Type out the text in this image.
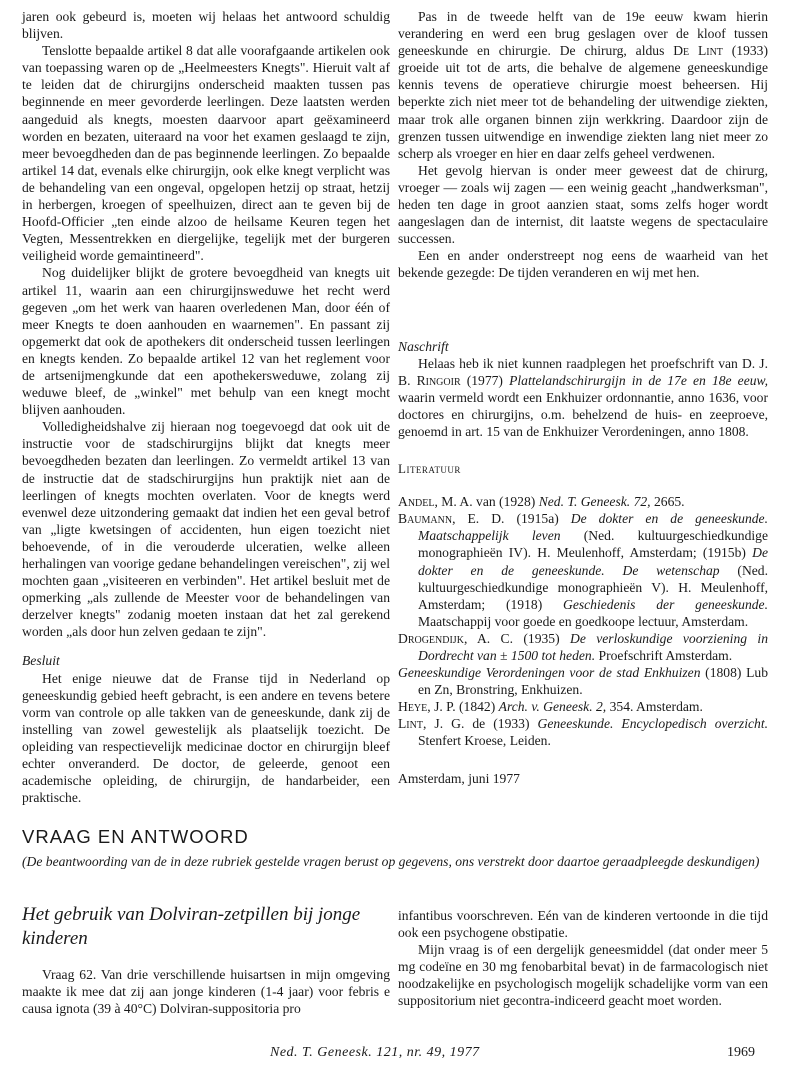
jaren ook gebeurd is, moeten wij helaas het antwoord schuldig blijven.

Tenslotte bepaalde artikel 8 dat alle voorafgaande artikelen ook van toepassing waren op de „Heelmeesters Knegts". Hieruit valt af te leiden dat de chirurgijns onderscheid maakten tussen pas beginnende en meer gevorderde leerlingen. Deze laatsten werden aangeduid als knegts, moesten daarvoor apart geëxamineerd worden en bezaten, uiteraard na voor het examen geslaagd te zijn, meer bevoegdheden dan de pas beginnende leerlingen. Zo bepaalde artikel 14 dat, evenals elke chirurgijn, ook elke knegt verplicht was de behandeling van een ongeval, opgelopen hetzij op straat, hetzij in herbergen, kroegen of speelhuizen, direct aan te geven bij de Hoofd-Officier „ten einde alzoo de heilsame Keuren tegen het Vegten, Messentrekken en diergelijke, tegelijk met der burgeren veiligheid worde gemaintineerd".

Nog duidelijker blijkt de grotere bevoegdheid van knegts uit artikel 11, waarin aan een chirurgijnsweduwe het recht werd gegeven „om het werk van haaren overledenen Man, door één of meer Knegts te doen aanhouden en waarnemen". En passant zij opgemerkt dat ook de apothekers dit onderscheid tussen leerlingen en knegts kenden. Zo bepaalde artikel 12 van het reglement voor de artsenijmengkunde dat een apothekersweduwe, zolang zij weduwe bleef, de „winkel" met behulp van een knegt mocht blijven aanhouden.

Volledigheidshalve zij hieraan nog toegevoegd dat ook uit de instructie voor de stadschirurgijns blijkt dat knegts meer bevoegdheden bezaten dan leerlingen. Zo vermeldt artikel 13 van de instructie dat de stadschirurgijns hun praktijk niet aan de leerlingen of knegts mochten overlaten. Voor de knegts werd evenwel deze uitzondering gemaakt dat indien het een geval betrof van „ligte kwetsingen of accidenten, hun eigen toezicht niet behoevende, of in die verouderde ulceratien, welke alleen herhalingen van voorige gedane behandelingen vereischen", zij wel mochten gaan „visiteeren en verbinden". Het artikel besluit met de opmerking „als zullende de Meester voor de behandelingen van derzelver knegts" zodanig moeten instaan dat het zal gerekend worden „als door hun zelven gedaan te zijn".

Besluit

Het enige nieuwe dat de Franse tijd in Nederland op geneeskundig gebied heeft gebracht, is een andere en tevens betere vorm van controle op alle takken van de geneeskunde, dank zij de instelling van zowel gewestelijk als plaatselijk toezicht. De opleiding van respectievelijk medicinae doctor en chirurgijn bleef echter onveranderd. De doctor, de geleerde, genoot een academische opleiding, de chirurgijn, de handarbeider, een praktische.

Pas in de tweede helft van de 19e eeuw kwam hierin verandering en werd een brug geslagen over de kloof tussen geneeskunde en chirurgie. De chirurg, aldus De Lint (1933) groeide uit tot de arts, die behalve de algemene geneeskundige kennis tevens de operatieve chirurgie moest beheersen. Hij beperkte zich niet meer tot de behandeling der uitwendige ziekten, maar trok alle organen binnen zijn werkkring. Daardoor zijn de grenzen tussen uitwendige en inwendige ziekten lang niet meer zo scherp als vroeger en hier en daar zelfs geheel verdwenen.

Het gevolg hiervan is onder meer geweest dat de chirurg, vroeger — zoals wij zagen — een weinig geacht „handwerksman", heden ten dage in groot aanzien staat, soms zelfs hoger wordt aangeslagen dan de internist, dit laatste wegens de spectaculaire successen.

Een en ander onderstreept nog eens de waarheid van het bekende gezegde: De tijden veranderen en wij met hen.

Naschrift

Helaas heb ik niet kunnen raadplegen het proefschrift van D. J. B. Ringoir (1977) Plattelandschirurgijn in de 17e en 18e eeuw, waarin vermeld wordt een Enkhuizer ordonnantie, anno 1636, voor doctores en chirurgijns, o.m. behelzend de huis- en zeeproeve, genoemd in art. 15 van de Enkhuizer Verordeningen, anno 1808.

Literatuur

Andel, M. A. van (1928) Ned. T. Geneesk. 72, 2665.
Baumann, E. D. (1915a) De dokter en de geneeskunde. Maatschappelijk leven (Ned. kultuurgeschiedkundige monographieën IV). H. Meulenhoff, Amsterdam; (1915b) De dokter en de geneeskunde. De wetenschap (Ned. kultuurgeschiedkundige monographieën V). H. Meulenhoff, Amsterdam; (1918) Geschiedenis der geneeskunde. Maatschappij voor goede en goedkoope lectuur, Amsterdam.
Drogendijk, A. C. (1935) De verloskundige voorziening in Dordrecht van ± 1500 tot heden. Proefschrift Amsterdam.
Geneeskundige Verordeningen voor de stad Enkhuizen (1808) Lub en Zn, Bronstring, Enkhuizen.
Heye, J. P. (1842) Arch. v. Geneesk. 2, 354. Amsterdam.
Lint, J. G. de (1933) Geneeskunde. Encyclopedisch overzicht. Stenfert Kroese, Leiden.

Amsterdam, juni 1977

VRAAG EN ANTWOORD
(De beantwoording van de in deze rubriek gestelde vragen berust op gegevens, ons verstrekt door daartoe geraadpleegde deskundigen)
Het gebruik van Dolviran-zetpillen bij jonge kinderen

Vraag 62. Van drie verschillende huisartsen in mijn omgeving maakte ik mee dat zij aan jonge kinderen (1-4 jaar) voor febris e causa ignota (39 à 40°C) Dolviran-suppositoria pro

infantibus voorschreven. Eén van de kinderen vertoonde in die tijd ook een psychogene obstipatie.

Mijn vraag is of een dergelijk geneesmiddel (dat onder meer 5 mg codeïne en 30 mg fenobarbital bevat) in de farmacologisch niet noodzakelijke en psychologisch mogelijk schadelijke vorm van een suppositorium niet gecontra-indiceerd geacht moet worden.

Ned. T. Geneesk. 121, nr. 49, 1977	1969
